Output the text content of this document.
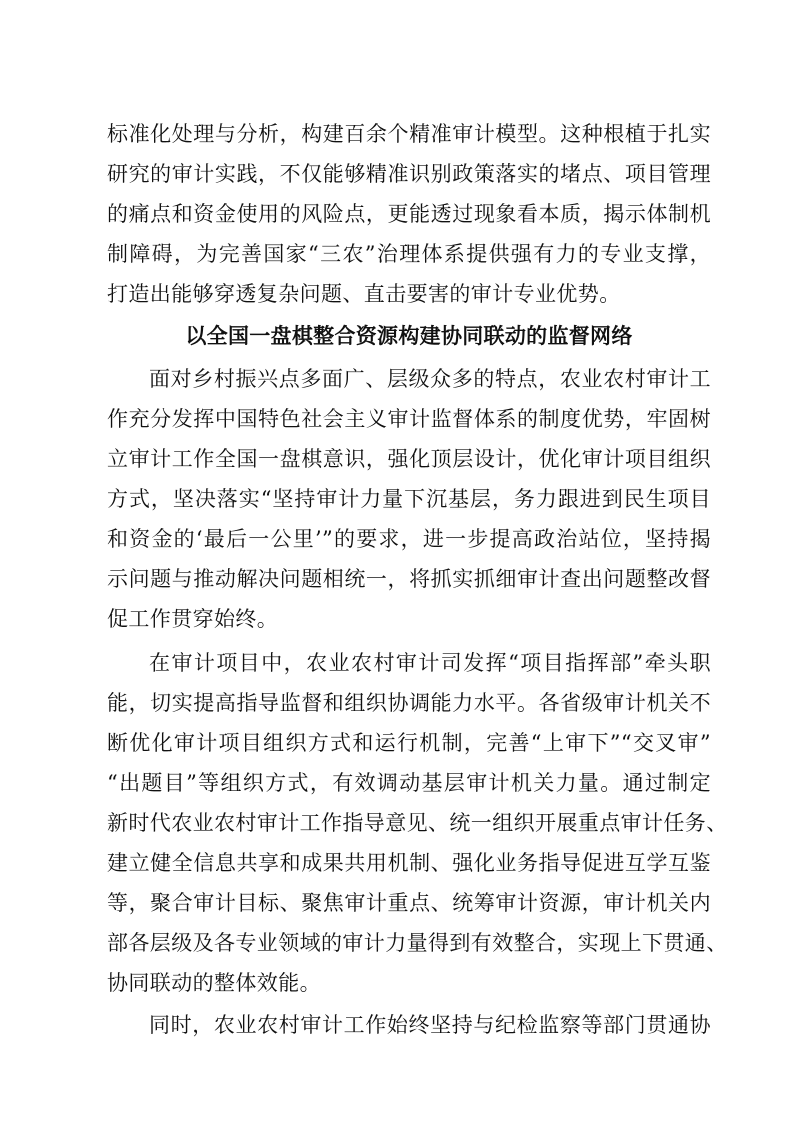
标准化处理与分析，构建百余个精准审计模型。这种根植于扎实
研究的审计实践，不仅能够精准识别政策落实的堵点、项目管理
的痛点和资金使用的风险点，更能透过现象看本质，揭示体制机
制障碍，为完善国家“三农”治理体系提供强有力的专业支撑，
打造出能够穿透复杂问题、直击要害的审计专业优势。
以全国一盘棋整合资源构建协同联动的监督网络
面对乡村振兴点多面广、层级众多的特点，农业农村审计工
作充分发挥中国特色社会主义审计监督体系的制度优势，牢固树
立审计工作全国一盘棋意识，强化顶层设计，优化审计项目组织
方式，坚决落实“坚持审计力量下沉基层，务力跟进到民生项目
和资金的‘最后一公里’”的要求，进一步提高政治站位，坚持揭
示问题与推动解决问题相统一，将抓实抓细审计查出问题整改督
促工作贯穿始终。
在审计项目中，农业农村审计司发挥“项目指挥部”牵头职
能，切实提高指导监督和组织协调能力水平。各省级审计机关不
断优化审计项目组织方式和运行机制，完善“上审下”“交叉审”
“出题目”等组织方式，有效调动基层审计机关力量。通过制定
新时代农业农村审计工作指导意见、统一组织开展重点审计任务、
建立健全信息共享和成果共用机制、强化业务指导促进互学互鉴
等，聚合审计目标、聚焦审计重点、统筹审计资源，审计机关内
部各层级及各专业领域的审计力量得到有效整合，实现上下贯通、
协同联动的整体效能。
同时，农业农村审计工作始终坚持与纪检监察等部门贯通协
